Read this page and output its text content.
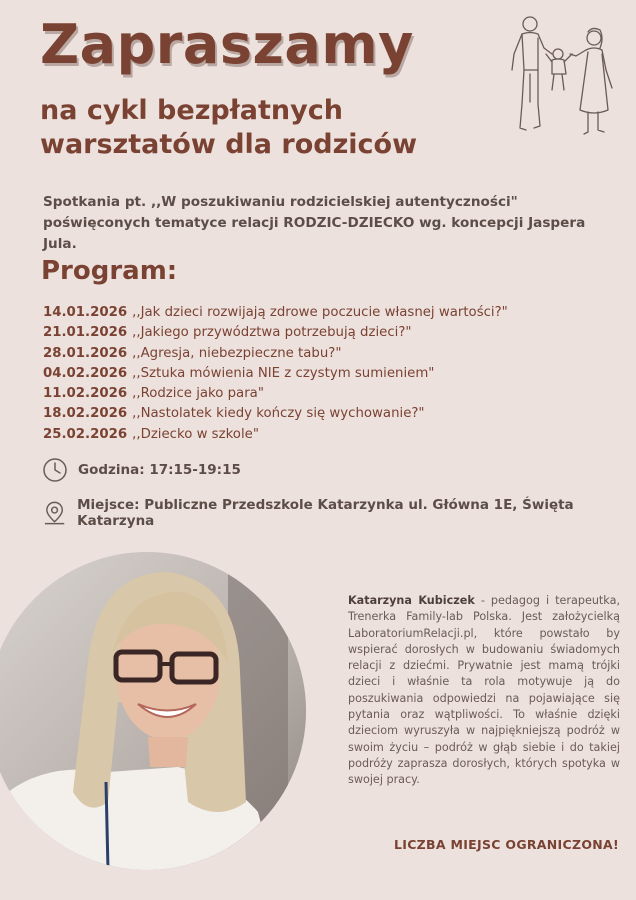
Zapraszamy
na cykl bezpłatnych
warsztatów dla rodziców

Spotkania pt. ,,W poszukiwaniu rodzicielskiej autentyczności" poświęconych tematyce relacji RODZIC-DZIECKO wg. koncepcji Jaspera Jula.

Program:
14.01.2026 ,,Jak dzieci rozwijają zdrowe poczucie własnej wartości?"
21.01.2026 ,,Jakiego przywództwa potrzebują dzieci?"
28.01.2026 ,,Agresja, niebezpieczne tabu?"
04.02.2026 ,,Sztuka mówienia NIE z czystym sumieniem"
11.02.2026 ,,Rodzice jako para"
18.02.2026 ,,Nastolatek kiedy kończy się wychowanie?"
25.02.2026 ,,Dziecko w szkole"
Godzina: 17:15-19:15
Miejsce: Publiczne Przedszkole Katarzynka ul. Główna 1E, Święta Katarzyna

Katarzyna Kubiczek - pedagog i terapeutka, Trenerka Family-lab Polska. Jest założycielką LaboratoriumRelacji.pl, które powstało by wspierać dorosłych w budowaniu świadomych relacji z dziećmi. Prywatnie jest mamą trójki dzieci i właśnie ta rola motywuje ją do poszukiwania odpowiedzi na pojawiające się pytania oraz wątpliwości. To właśnie dzięki dzieciom wyruszyła w najpiękniejszą podróż w swoim życiu – podróż w głąb siebie i do takiej podróży zaprasza dorosłych, których spotyka w swojej pracy.

LICZBA MIEJSC OGRANICZONA!
